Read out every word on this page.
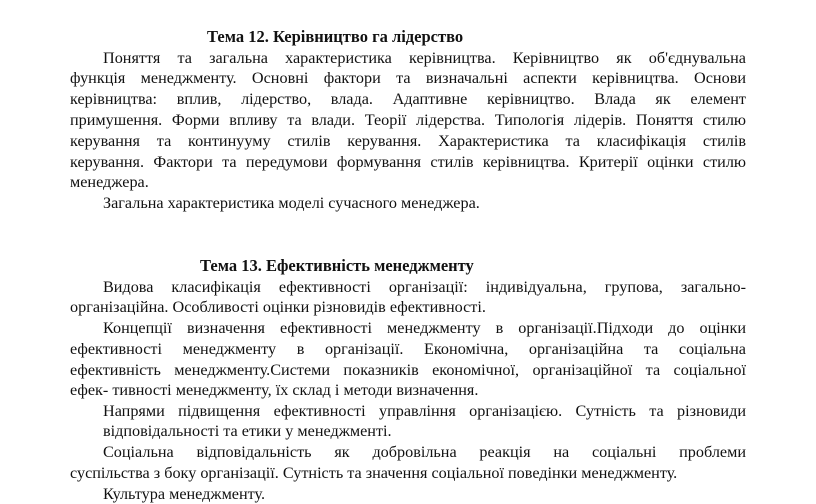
Тема 12. Керівництво га лідерство
Поняття та загальна характеристика керівництва. Керівництво як об'єднувальна
функція менеджменту. Основні фактори та визначальні аспекти керівництва. Основи
керівництва: вплив, лідерство, влада. Адаптивне керівництво. Влада як елемент
примушення. Форми впливу та влади. Теорії лідерства. Типологія лідерів. Поняття стилю
керування та континууму стилів керування. Характеристика та класифікація стилів
керування. Фактори та передумови формування стилів керівництва. Критерії оцінки стилю
менеджера.
Загальна характеристика моделі сучасного менеджера.
Тема 13. Ефективність менеджменту
Видова класифікація ефективності організації: індивідуальна, групова, загально-
організаційна. Особливості оцінки різновидів ефективності.
Концепції визначення ефективності менеджменту в організації.Підходи до оцінки
ефективності менеджменту в організації. Економічна, організаційна та соціальна
ефективність менеджменту.Системи показників економічної, організаційної та соціальної
ефек- тивності менеджменту, їх склад і методи визначення.
Напрями підвищення ефективності управління організацією. Сутність та різновиди
відповідальності та етики у менеджменті.
Соціальна відповідальність як добровільна реакція на соціальні проблеми
суспільства з боку організації. Сутність та значення соціальної поведінки менеджменту.
Культура менеджменту.
